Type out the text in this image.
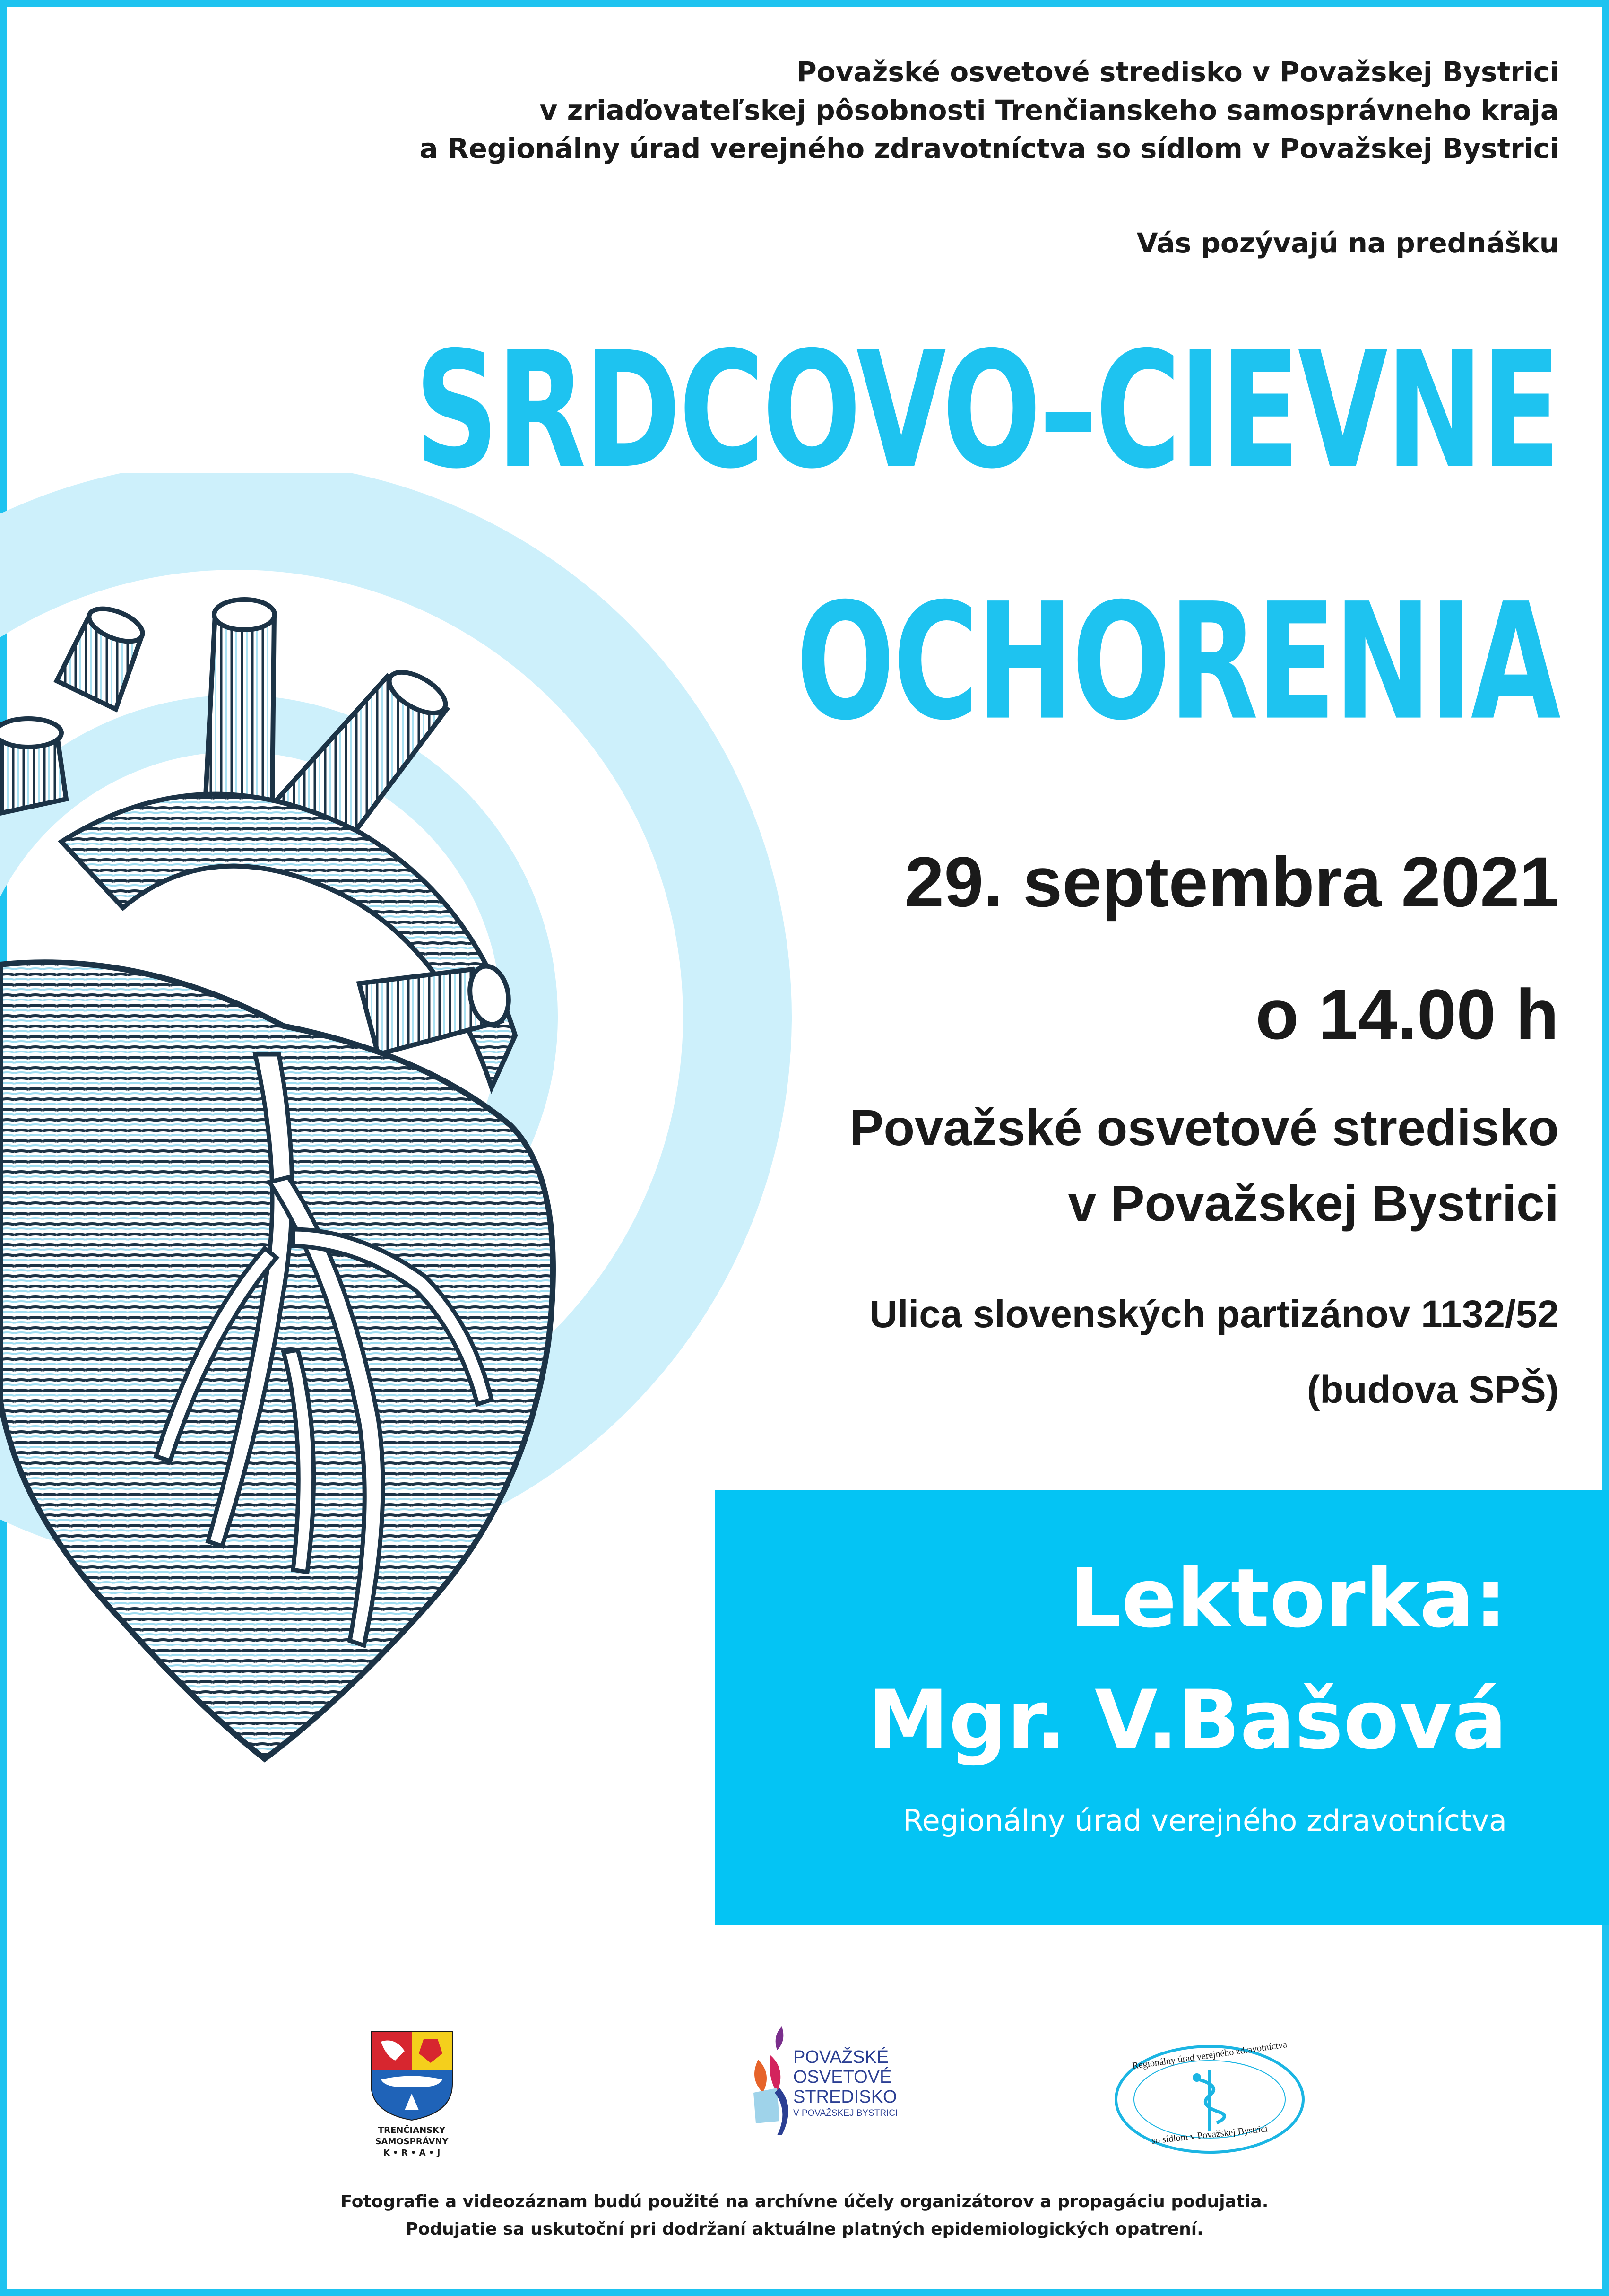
Považské osvetové stredisko v Považskej Bystrici
v zriaďovateľskej pôsobnosti Trenčianskeho samosprávneho kraja
a Regionálny úrad verejného zdravotníctva so sídlom v Považskej Bystrici
Vás pozývajú na prednášku
SRDCOVO–CIEVNE
OCHORENIA
29. septembra 2021
o 14.00 h
Považské osvetové stredisko
v Považskej Bystrici
Ulica slovenských partizánov 1132/52
(budova SPŠ)
Lektorka:
Mgr. V.Bašová
Regionálny úrad verejného zdravotníctva
TRENČIANSKY
SAMOSPRÁVNY
K • R • A • J
POVAŽSKÉ
OSVETOVÉ
STREDISKO
V POVAŽSKEJ BYSTRICI
Regionálny úrad verejného zdravotníctva
so sídlom v Považskej Bystrici
Fotografie a videozáznam budú použité na archívne účely organizátorov a propagáciu podujatia.
Podujatie sa uskutoční pri dodržaní aktuálne platných epidemiologických opatrení.
